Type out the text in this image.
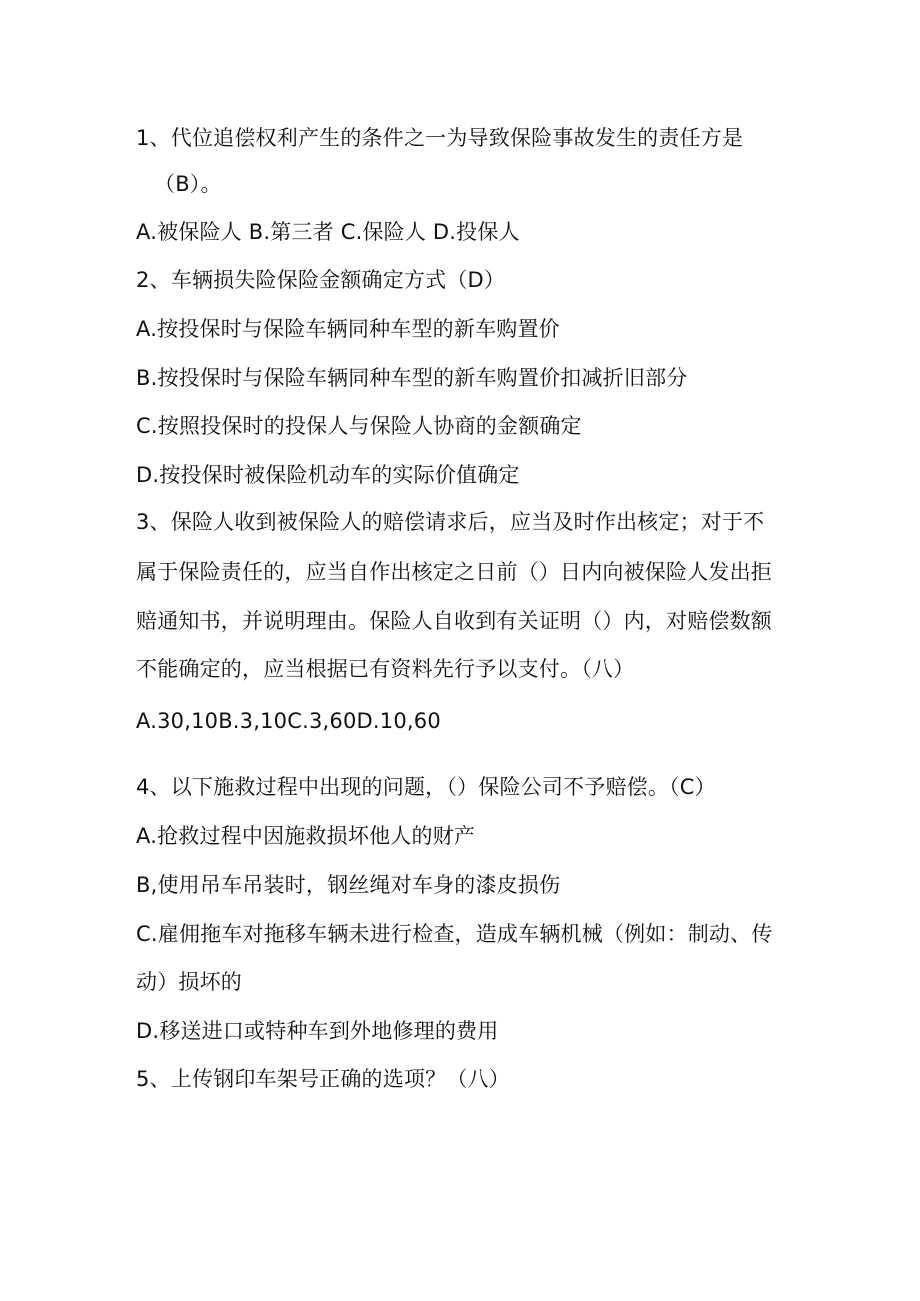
1、代位追偿权利产生的条件之一为导致保险事故发生的责任方是
（B）。
A.被保险人 B.第三者 C.保险人 D.投保人
2、车辆损失险保险金额确定方式（D）
A.按投保时与保险车辆同种车型的新车购置价
B.按投保时与保险车辆同种车型的新车购置价扣减折旧部分
C.按照投保时的投保人与保险人协商的金额确定
D.按投保时被保险机动车的实际价值确定
3、保险人收到被保险人的赔偿请求后，应当及时作出核定；对于不
属于保险责任的，应当自作出核定之日前（）日内向被保险人发出拒
赔通知书，并说明理由。保险人自收到有关证明（）内，对赔偿数额
不能确定的，应当根据已有资料先行予以支付。（八）
A.30,10B.3,10C.3,60D.10,60
4、以下施救过程中出现的问题，（）保险公司不予赔偿。（C）
A.抢救过程中因施救损坏他人的财产
B,使用吊车吊装时，钢丝绳对车身的漆皮损伤
C.雇佣拖车对拖移车辆未进行检查，造成车辆机械（例如：制动、传
动）损坏的
D.移送进口或特种车到外地修理的费用
5、上传钢印车架号正确的选项？（八）
